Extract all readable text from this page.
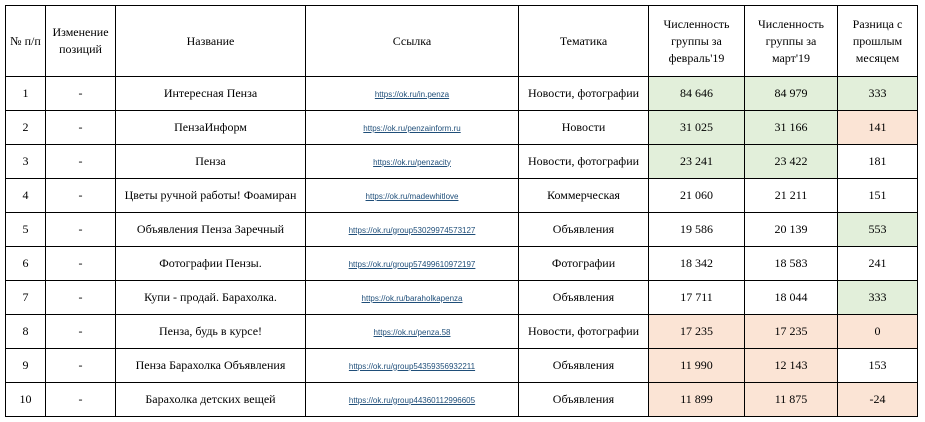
№ п/п	Изменение позиций	Название	Ссылка	Тематика	Численность группы за февраль'19	Численность группы за март'19	Разница с прошлым месяцем
1	-	Интересная Пенза	https://ok.ru/in.penza	Новости, фотографии	84 646	84 979	333
2	-	ПензаИнформ	https://ok.ru/penzainform.ru	Новости	31 025	31 166	141
3	-	Пенза	https://ok.ru/penzacity	Новости, фотографии	23 241	23 422	181
4	-	Цветы ручной работы! Фоамиран	https://ok.ru/madewhitlove	Коммерческая	21 060	21 211	151
5	-	Объявления Пенза Заречный	https://ok.ru/group53029974573127	Объявления	19 586	20 139	553
6	-	Фотографии Пензы.	https://ok.ru/group57499610972197	Фотографии	18 342	18 583	241
7	-	Купи - продай. Барахолка.	https://ok.ru/baraholkapenza	Объявления	17 711	18 044	333
8	-	Пенза, будь в курсе!	https://ok.ru/penza.58	Новости, фотографии	17 235	17 235	0
9	-	Пенза Барахолка Объявления	https://ok.ru/group54359356932211	Объявления	11 990	12 143	153
10	-	Барахолка детских вещей	https://ok.ru/group44360112996605	Объявления	11 899	11 875	-24
